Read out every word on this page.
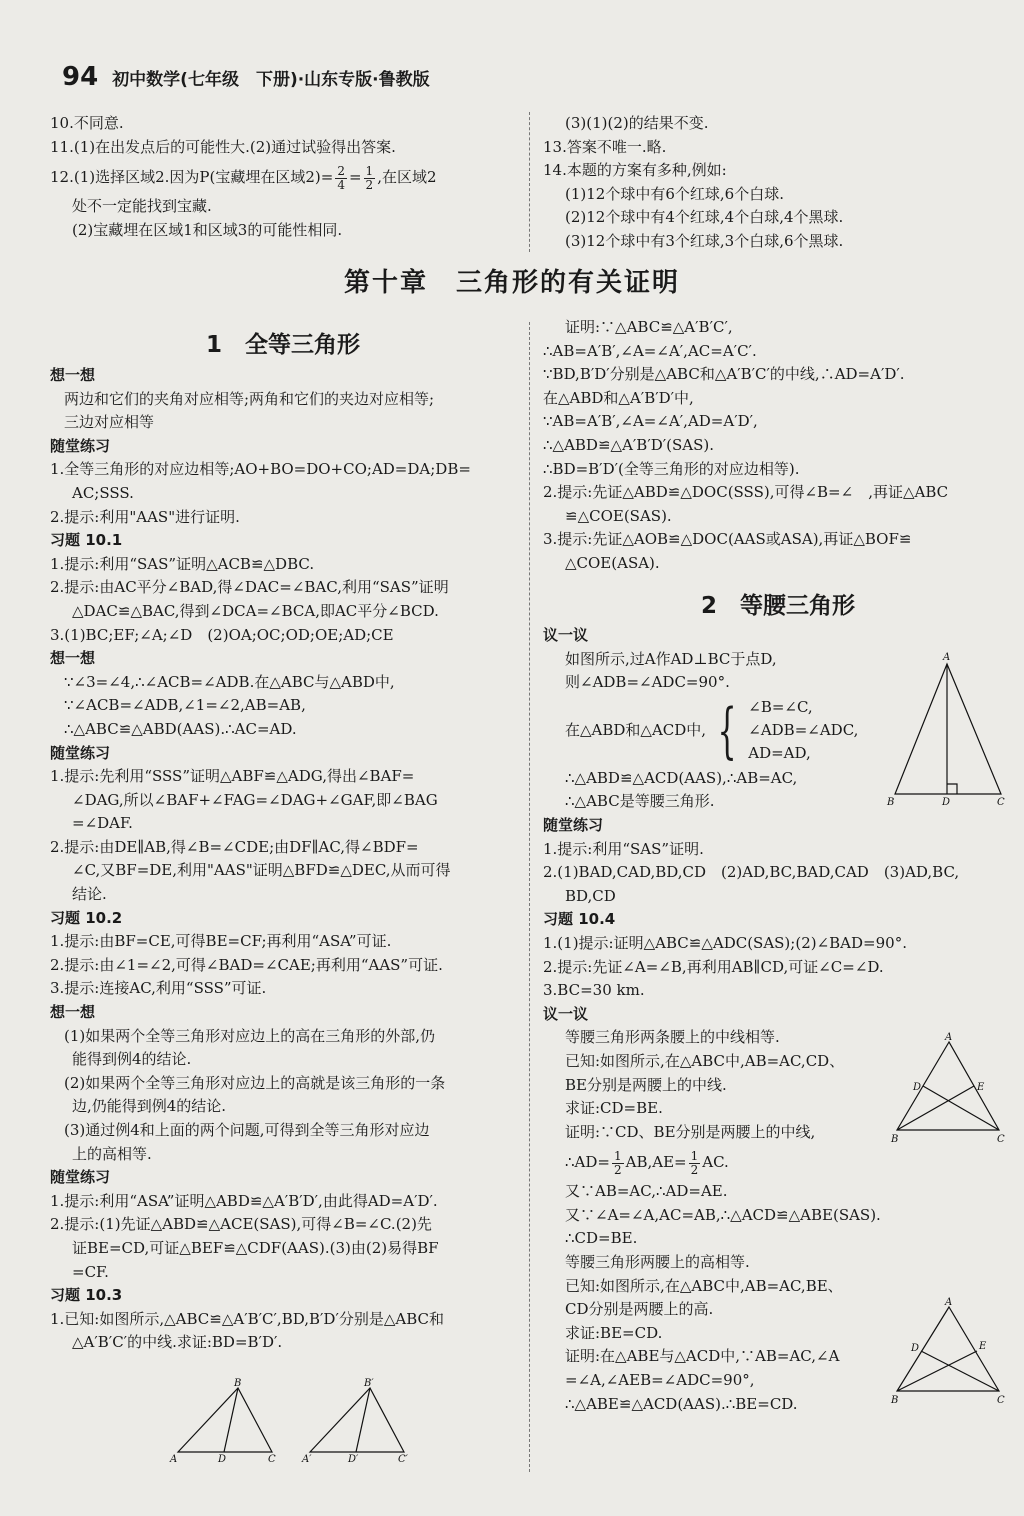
94 初中数学(七年级　下册)·山东专版·鲁教版
10.不同意.
11.(1)在出发点后的可能性大.(2)通过试验得出答案.
12.(1)选择区域2.因为P(宝藏埋在区域$2)= \frac{2}{4} = \frac{1}{2}$ ,在区域2
处不一定能找到宝藏.
(2)宝藏埋在区域1和区域3的可能性相同.
(3)(1)(2)的结果不变.
13.答案不唯一.略.
14.本题的方案有多种,例如:
(1)12个球中有6个红球,6个白球.
(2)12个球中有4个红球,4个白球,4个黑球.
(3)12个球中有3个红球,3个白球,6个黑球.
第十章　三角形的有关证明
1　全等三角形
想一想
两边和它们的夹角对应相等;两角和它们的夹边对应相等;
三边对应相等
随堂练习
1.全等三角形的对应边相等;AO+BO=DO+CO;AD=DA;DB=
AC;SSS.
2.提示:利用"AAS"进行证明.
习题 10.1
1.提示:利用“SAS”证明△ACB≌△DBC.
2.提示:由AC平分∠BAD,得∠DAC=∠BAC,利用“SAS”证明
△DAC≌△BAC,得到∠DCA=∠BCA,即AC平分∠BCD.
3.(1)BC;EF;∠A;∠D　(2)OA;OC;OD;OE;AD;CE
想一想
∵∠3=∠4,∴∠ACB=∠ADB.在△ABC与△ABD中,
∵∠ACB=∠ADB,∠1=∠2,AB=AB,
∴△ABC≌△ABD(AAS).∴AC=AD.
随堂练习
1.提示:先利用“SSS”证明△ABF≌△ADG,得出∠BAF=
∠DAG,所以∠BAF+∠FAG=∠DAG+∠GAF,即∠BAG
=∠DAF.
2.提示:由DE∥AB,得∠B=∠CDE;由DF∥AC,得∠BDF=
∠C,又BF=DE,利用"AAS"证明△BFD≌△DEC,从而可得
结论.
习题 10.2
1.提示:由BF=CE,可得BE=CF;再利用“ASA”可证.
2.提示:由∠1=∠2,可得∠BAD=∠CAE;再利用“AAS”可证.
3.提示:连接AC,利用“SSS”可证.
想一想
(1)如果两个全等三角形对应边上的高在三角形的外部,仍
能得到例4的结论.
(2)如果两个全等三角形对应边上的高就是该三角形的一条
边,仍能得到例4的结论.
(3)通过例4和上面的两个问题,可得到全等三角形对应边
上的高相等.
随堂练习
1.提示:利用“ASA”证明△ABD≌△A′B′D′,由此得AD=A′D′.
2.提示:(1)先证△ABD≌△ACE(SAS),可得∠B=∠C.(2)先
证BE=CD,可证△BEF≌△CDF(AAS).(3)由(2)易得BF
=CF.
习题 10.3
1.已知:如图所示,△ABC≌△A′B′C′,BD,B′D′分别是△ABC和
△A′B′C′的中线.求证:BD=B′D′.
A
B
D	C	A′
B′
D′	C′
证明:∵△ABC≌△A′B′C′,
∴AB=A′B′,∠A=∠A′,AC=A′C′.
∵BD,B′D′分别是△ABC和△A′B′C′的中线,∴AD=A′D′.
在△ABD和△A′B′D′中,
∵AB=A′B′,∠A=∠A′,AD=A′D′,
∴△ABD≌△A′B′D′(SAS).
∴BD=B′D′(全等三角形的对应边相等).
2.提示:先证△ABD≌△DOC(SSS),可得∠B=∠　,再证△ABC
≌△COE(SAS).
3.提示:先证△AOB≌△DOC(AAS或ASA),再证△BOF≌
△COE(ASA).
2　等腰三角形
议一议
如图所示,过A作AD⊥BC于点D,
则∠ADB=∠ADC=90°.
在△ABD和△ACD中, { ∠B=∠C,
∠ADB=∠ADC,
AD=AD,
∴△ABD≌△ACD(AAS),∴AB=AC,
∴△ABC是等腰三角形.
随堂练习
1.提示:利用“SAS”证明.
2.(1)BAD,CAD,BD,CD　(2)AD,BC,BAD,CAD　(3)AD,BC,
BD,CD
习题 10.4
1.(1)提示:证明△ABC≌△ADC(SAS);(2)∠BAD=90°.
2.提示:先证∠A=∠B,再利用AB∥CD,可证∠C=∠D.
3.BC=30 km.
议一议
等腰三角形两条腰上的中线相等.
已知:如图所示,在△ABC中,AB=AC,CD、
BE分别是两腰上的中线.
求证:CD=BE.
证明:∵CD、BE分别是两腰上的中线,
∴AD= $\frac{1}{2} AB,AE= \frac{1}{2}$ AC.
又∵AB=AC,∴AD=AE.
又∵∠A=∠A,AC=AB,∴△ACD≌△ABE(SAS).
∴CD=BE.
等腰三角形两腰上的高相等.
已知:如图所示,在△ABC中,AB=AC,BE、
CD分别是两腰上的高.
求证:BE=CD.
证明:在△ABE与△ACD中,∵AB=AC,∠A
=∠A,∠AEB=∠ADC=90°,
∴△ABE≌△ACD(AAS).∴BE=CD.
A
B	D	C
A
D	E
B	C
A
D	E
B	C
